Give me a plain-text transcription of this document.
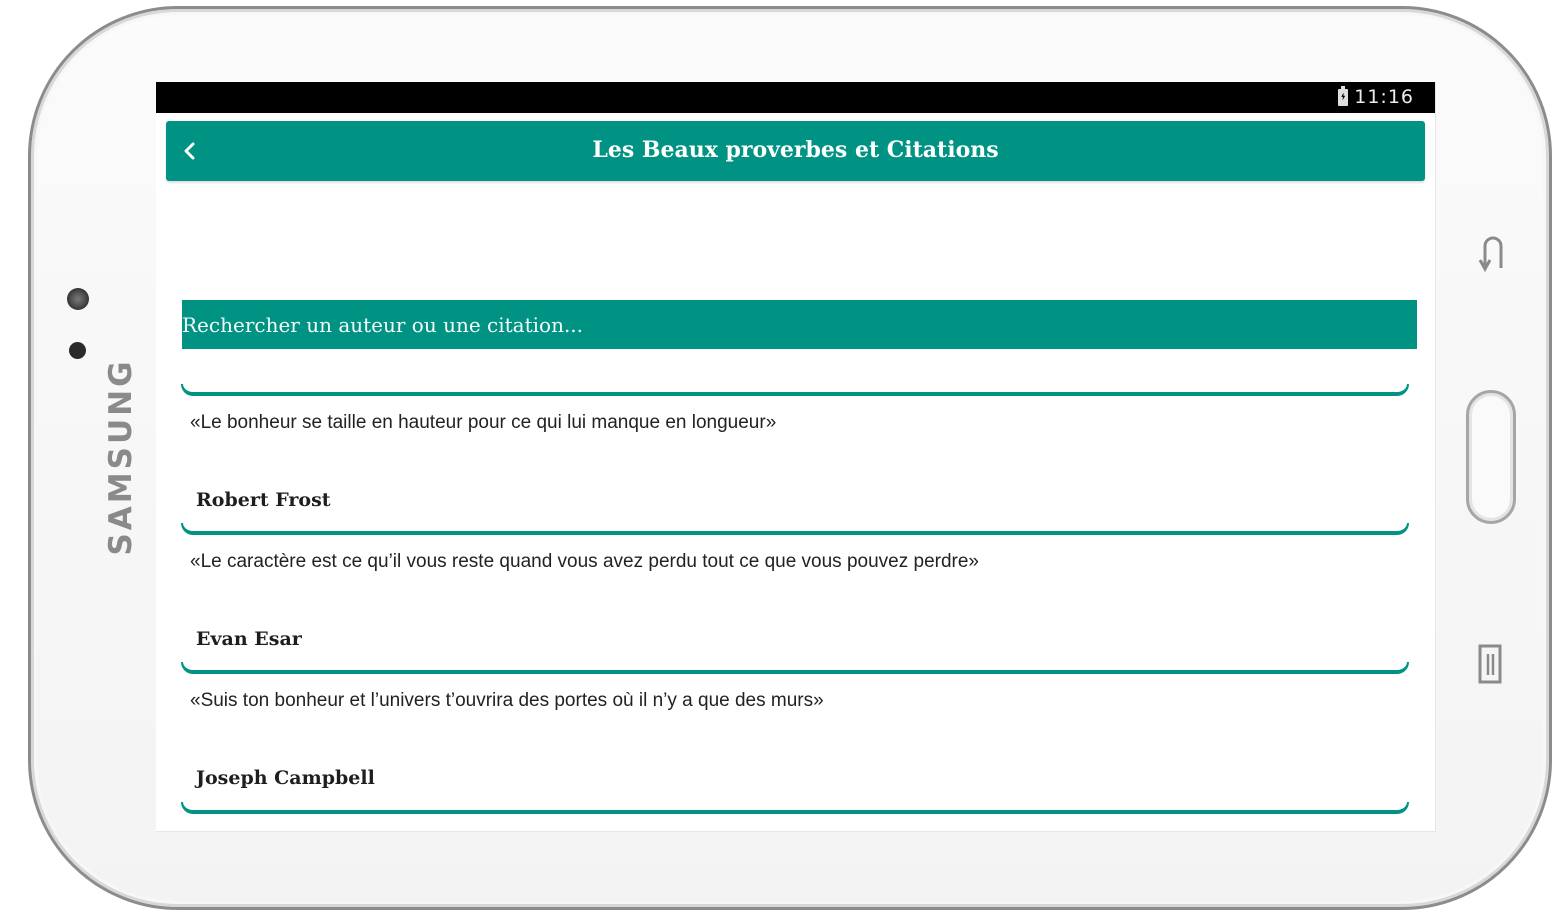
SAMSUNG
11:16
Les Beaux proverbes et Citations
Rechercher un auteur ou une citation...
«Le bonheur se taille en hauteur pour ce qui lui manque en longueur»
Robert Frost
«Le caractère est ce qu’il vous reste quand vous avez perdu tout ce que vous pouvez perdre»
Evan Esar
«Suis ton bonheur et l’univers t’ouvrira des portes où il n’y a que des murs»
Joseph Campbell
